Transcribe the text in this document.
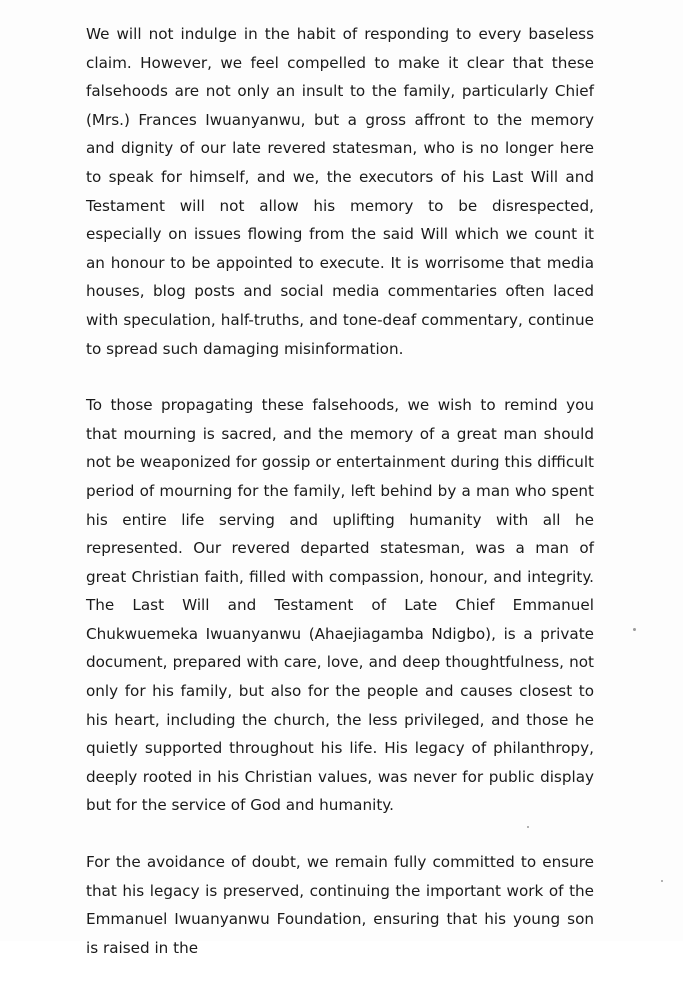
We will not indulge in the habit of responding to every baseless claim. However, we feel compelled to make it clear that these falsehoods are not only an insult to the family, particularly Chief (Mrs.) Frances Iwuanyanwu, but a gross affront to the memory and dignity of our late revered statesman, who is no longer here to speak for himself, and we, the executors of his Last Will and Testament will not allow his memory to be disrespected, especially on issues flowing from the said Will which we count it an honour to be appointed to execute. It is worrisome that media houses, blog posts and social media commentaries often laced with speculation, half-truths, and tone-deaf commentary, continue to spread such damaging misinformation.

To those propagating these falsehoods, we wish to remind you that mourning is sacred, and the memory of a great man should not be weaponized for gossip or entertainment during this difficult period of mourning for the family, left behind by a man who spent his entire life serving and uplifting humanity with all he represented. Our revered departed statesman, was a man of great Christian faith, filled with compassion, honour, and integrity. The Last Will and Testament of Late Chief Emmanuel Chukwuemeka Iwuanyanwu (Ahaejiagamba Ndigbo), is a private document, prepared with care, love, and deep thoughtfulness, not only for his family, but also for the people and causes closest to his heart, including the church, the less privileged, and those he quietly supported throughout his life. His legacy of philanthropy, deeply rooted in his Christian values, was never for public display but for the service of God and humanity.

For the avoidance of doubt, we remain fully committed to ensure that his legacy is preserved, continuing the important work of the Emmanuel Iwuanyanwu Foundation, ensuring that his young son is raised in the
